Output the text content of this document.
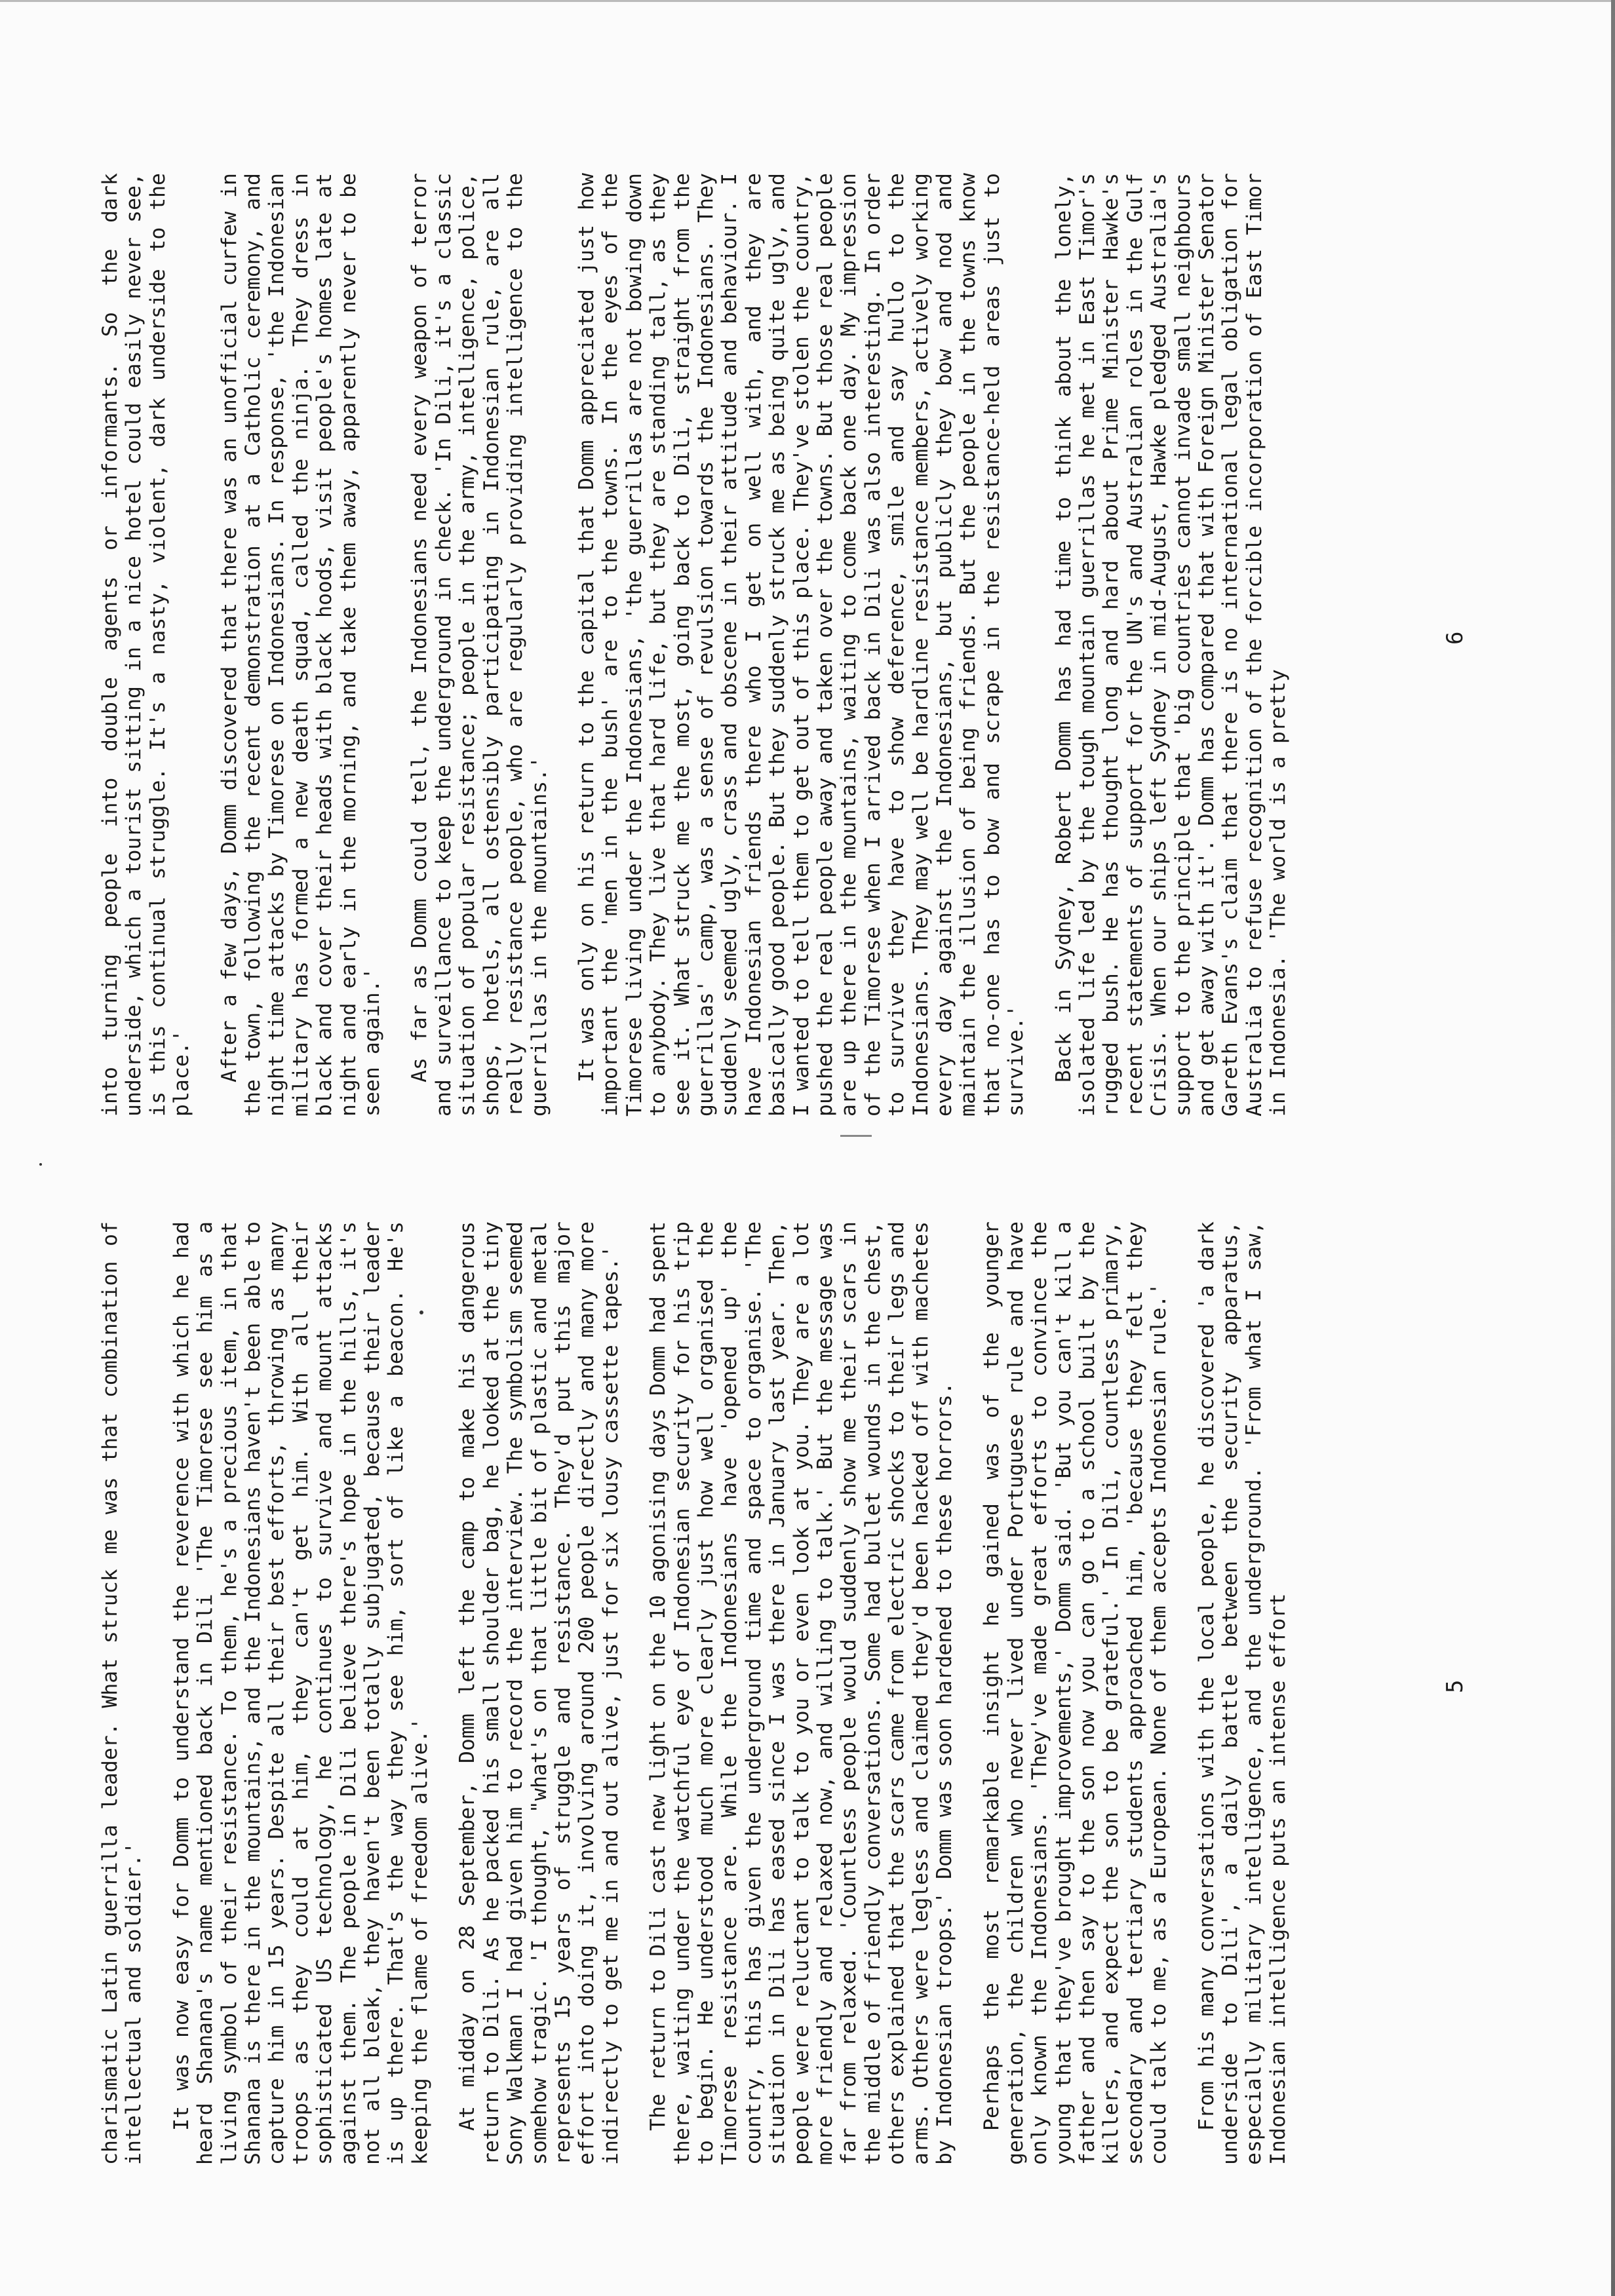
charismatic Latin guerrilla leader. What struck me was that combination of intellectual and soldier.' It was now easy for Domm to understand the reverence with which he had heard Shanana's name mentioned back in Dili 'The Timorese see him as a living symbol of their resistance. To them, he's a precious item, in that Shanana is there in the mountains, and the Indonesians haven't been able to capture him in 15 years. Despite all their best efforts, throwing as many troops as they could at him, they can't get him. With all their sophisticated US technology, he continues to survive and mount attacks against them. The people in Dili believe there's hope in the hills, it's not all bleak, they haven't been totally subjugated, because their leader is up there. That's the way they see him, sort of like a beacon. He's keeping the flame of freedom alive.' At midday on 28 September, Domm left the camp to make his dangerous return to Dili. As he packed his small shoulder bag, he looked at the tiny Sony Walkman I had given him to record the interview. The symbolism seemed somehow tragic. 'I thought, "what's on that little bit of plastic and metal represents 15 years of struggle and resistance. They'd put this major effort into doing it, involving around 200 people directly and many more indirectly to get me in and out alive, just for six lousy cassette tapes.' The return to Dili cast new light on the 10 agonising days Domm had spent there, waiting under the watchful eye of Indonesian security for his trip to begin. He understood much more clearly just how well organised the Timorese resistance are. While the Indonesians have 'opened up' the country, this has given the underground time and space to organise. 'The situation in Dili has eased since I was there in January last year. Then, people were reluctant to talk to you or even look at you. They are a lot more friendly and relaxed now, and willing to talk.' But the message was far from relaxed. 'Countless people would suddenly show me their scars in the middle of friendly conversations. Some had bullet wounds in the chest, others explained that the scars came from electric shocks to their legs and arms. Others were legless and claimed they'd been hacked off with machetes by Indonesian troops.' Domm was soon hardened to these horrors. Perhaps the most remarkable insight he gained was of the younger generation, the children who never lived under Portuguese rule and have only known the Indonesians. 'They've made great efforts to convince the young that they've brought improvements,' Domm said. 'But you can't kill a father and then say to the son now you can go to a school built by the killers, and expect the son to be grateful.' In Dili, countless primary, secondary and tertiary students approached him, 'because they felt they could talk to me, as a European. None of them accepts Indonesian rule.' From his many conversations with the local people, he discovered 'a dark underside to Dili', a daily battle between the security apparatus, especially military intelligence, and the underground. 'From what I saw, Indonesian intelligence puts an intense effort	5

into turning people into double agents or informants. So the dark underside, which a tourist sitting in a nice hotel could easily never see, is this continual struggle. It's a nasty, violent, dark underside to the place.' After a few days, Domm discovered that there was an unofficial curfew in the town, following the recent demonstration at a Catholic ceremony, and night time attacks by Timorese on Indonesians. In response, 'the Indonesian military has formed a new death squad, called the ninja. They dress in black and cover their heads with black hoods, visit people's homes late at night and early in the morning, and take them away, apparently never to be seen again.' As far as Domm could tell, the Indonesians need every weapon of terror and surveillance to keep the underground in check. 'In Dili, it's a classic situation of popular resistance; people in the army, intelligence, police, shops, hotels, all ostensibly participating in Indonesian rule, are all really resistance people, who are regularly providing intelligence to the guerrillas in the mountains.' It was only on his return to the capital that Domm appreciated just how important the 'men in the bush' are to the towns. In the eyes of the Timorese living under the Indonesians, 'the guerrillas are not bowing down to anybody. They live that hard life, but they are standing tall, as they see it. What struck me the most, going back to Dili, straight from the guerrillas' camp, was a sense of revulsion towards the Indonesians. They suddenly seemed ugly, crass and obscene in their attitude and behaviour. I have Indonesian friends there who I get on well with, and they are basically good people. But they suddenly struck me as being quite ugly, and I wanted to tell them to get out of this place. They've stolen the country, pushed the real people away and taken over the towns. But those real people are up there in the mountains, waiting to come back one day. My impression of the Timorese when I arrived back in Dili was also interesting. In order to survive they have to show deference, smile and say hullo to the Indonesians. They may well be hardline resistance members, actively working every day against the Indonesians, but publicly they bow and nod and maintain the illusion of being friends. But the people in the towns know that no-one has to bow and scrape in the resistance-held areas just to survive.' Back in Sydney, Robert Domm has had time to think about the lonely, isolated life led by the tough mountain guerrillas he met in East Timor's rugged bush. He has thought long and hard about Prime Minister Hawke's recent statements of support for the UN's and Australian roles in the Gulf Crisis. When our ships left Sydney in mid-August, Hawke pledged Australia's support to the principle that 'big countries cannot invade small neighbours and get away with it'. Domm has compared that with Foreign Minister Senator Gareth Evans's claim that there is no international legal obligation for Australia to refuse recognition of the forcible incorporation of East Timor in Indonesia. 'The world is a pretty

6
